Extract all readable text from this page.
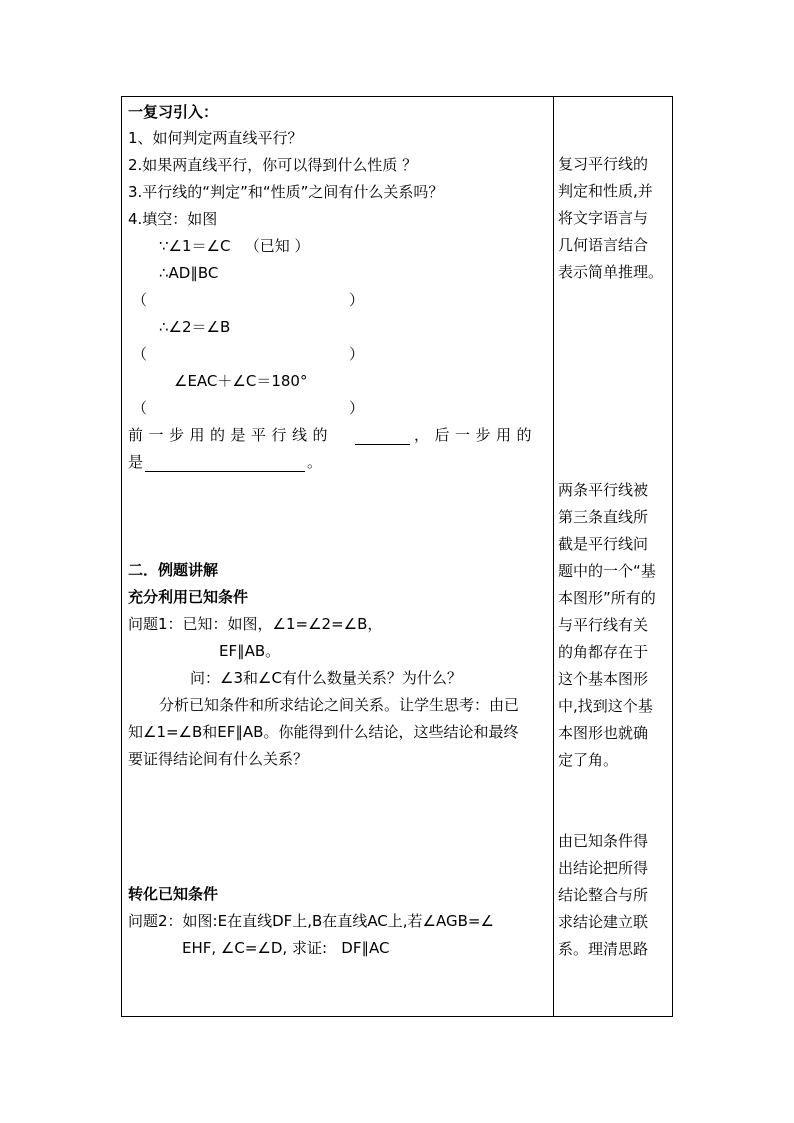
一复习引入：
1、如何判定两直线平行？
2.如果两直线平行，你可以得到什么性质 ？
3.平行线的“判定”和“性质”之间有什么关系吗？
4.填空：如图
∵∠1＝∠C   （已知 ）
∴AD∥BC
（	）
∴∠2＝∠B
（	）
∠EAC＋∠C＝180°
（	）
前一步用的是平行线的	，后一步用的
是	。
二．例题讲解
充分利用已知条件
问题1：已知：如图，∠1=∠2=∠B，
EF∥AB。
问：∠3和∠C有什么数量关系？为什么？
分析已知条件和所求结论之间关系。让学生思考：由已
知∠1=∠B和EF∥AB。你能得到什么结论，这些结论和最终
要证得结论间有什么关系？
转化已知条件
问题2：如图:E在直线DF上,B在直线AC上,若∠AGB=∠
EHF, ∠C=∠D, 求证:   DF∥AC
复习平行线的
判定和性质,并
将文字语言与
几何语言结合
表示简单推理。
两条平行线被
第三条直线所
截是平行线问
题中的一个“基
本图形”所有的
与平行线有关
的角都存在于
这个基本图形
中,找到这个基
本图形也就确
定了角。
由已知条件得
出结论把所得
结论整合与所
求结论建立联
系。理清思路
